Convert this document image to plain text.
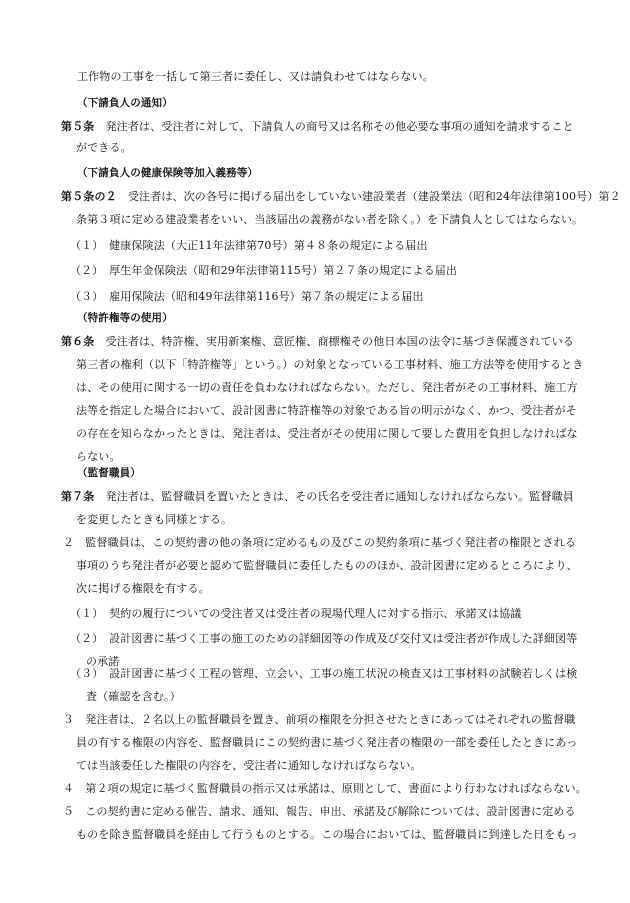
工作物の工事を一括して第三者に委任し、又は請負わせてはならない。
（下請負人の通知）
第５条　発注者は、受注者に対して、下請負人の商号又は名称その他必要な事項の通知を請求すること
ができる。
（下請負人の健康保険等加入義務等）
第５条の２　受注者は、次の各号に掲げる届出をしていない建設業者（建設業法（昭和24年法律第100号）第２
条第３項に定める建設業者をいい、当該届出の義務がない者を除く。）を下請負人としてはならない。
（１）　健康保険法（大正11年法律第70号）第４８条の規定による届出
（２）　厚生年金保険法（昭和29年法律第115号）第２７条の規定による届出
（３）　雇用保険法（昭和49年法律第116号）第７条の規定による届出
（特許権等の使用）
第６条　受注者は、特許権、実用新案権、意匠権、商標権その他日本国の法令に基づき保護されている
第三者の権利（以下「特許権等」という。）の対象となっている工事材料、施工方法等を使用するとき
は、その使用に関する一切の責任を負わなければならない。ただし、発注者がその工事材料、施工方
法等を指定した場合において、設計図書に特許権等の対象である旨の明示がなく、かつ、受注者がそ
の存在を知らなかったときは、発注者は、受注者がその使用に関して要した費用を負担しなければな
らない。
（監督職員）
第７条　発注者は、監督職員を置いたときは、その氏名を受注者に通知しなければならない。監督職員
を変更したときも同様とする。
２　監督職員は、この契約書の他の条項に定めるもの及びこの契約条項に基づく発注者の権限とされる
事項のうち発注者が必要と認めて監督職員に委任したもののほか、設計図書に定めるところにより、
次に掲げる権限を有する。
（１）　契約の履行についての受注者又は受注者の現場代理人に対する指示、承諾又は協議
（２）　設計図書に基づく工事の施工のための詳細図等の作成及び交付又は受注者が作成した詳細図等
の承諾
（３）　設計図書に基づく工程の管理、立会い、工事の施工状況の検査又は工事材料の試験若しくは検
査（確認を含む。）
３　発注者は、２名以上の監督職員を置き、前項の権限を分担させたときにあってはそれぞれの監督職
員の有する権限の内容を、監督職員にこの契約書に基づく発注者の権限の一部を委任したときにあっ
ては当該委任した権限の内容を、受注者に通知しなければならない。
４　第２項の規定に基づく監督職員の指示又は承諾は、原則として、書面により行わなければならない。
５　この契約書に定める催告、請求、通知、報告、申出、承諾及び解除については、設計図書に定める
ものを除き監督職員を経由して行うものとする。この場合においては、監督職員に到達した日をもっ
